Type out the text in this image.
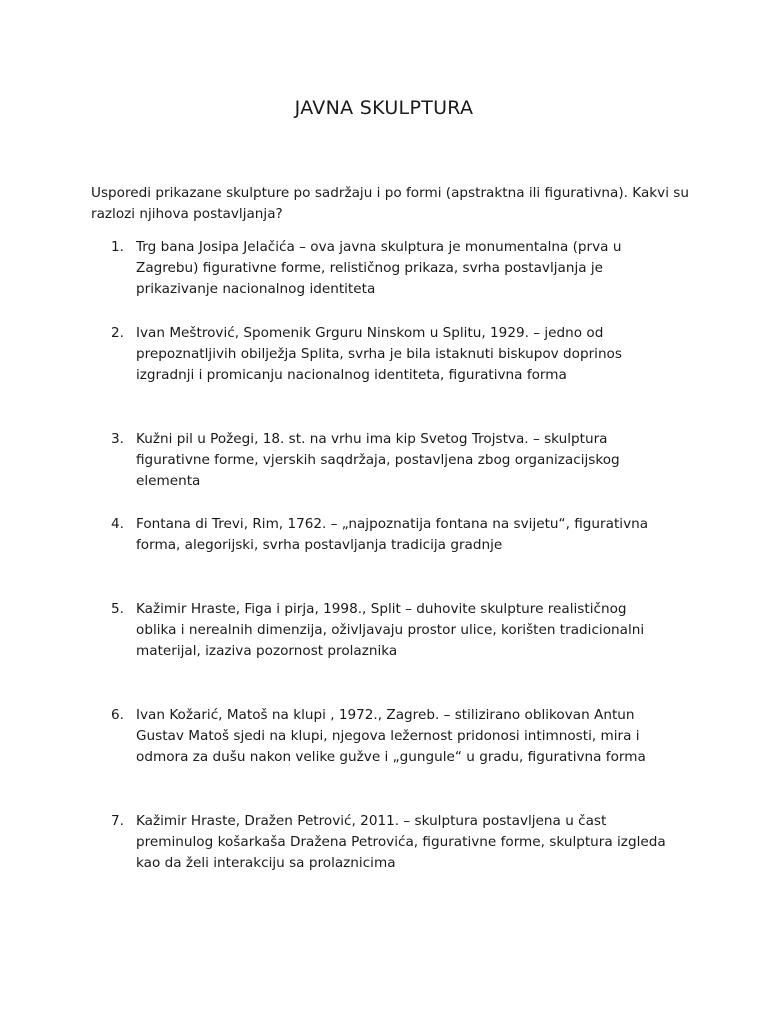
JAVNA SKULPTURA
Usporedi prikazane skulpture po sadržaju i po formi (apstraktna ili figurativna). Kakvi su razlozi njihova postavljanja?
1. Trg bana Josipa Jelačića – ova javna skulptura je monumentalna (prva u Zagrebu) figurativne forme, relističnog prikaza, svrha postavljanja je prikazivanje nacionalnog identiteta
2. Ivan Meštrović, Spomenik Grguru Ninskom u Splitu, 1929. – jedno od prepoznatljivih obilježja Splita, svrha je bila istaknuti biskupov doprinos izgradnji i promicanju nacionalnog identiteta, figurativna forma
3. Kužni pil u Požegi, 18. st. na vrhu ima kip Svetog Trojstva. – skulptura figurativne forme, vjerskih saqdržaja, postavljena zbog organizacijskog elementa
4. Fontana di Trevi, Rim, 1762. – „najpoznatija fontana na svijetu“, figurativna forma, alegorijski, svrha postavljanja tradicija gradnje
5. Kažimir Hraste, Figa i pirja, 1998., Split – duhovite skulpture realističnog oblika i nerealnih dimenzija, oživljavaju prostor ulice, korišten tradicionalni materijal, izaziva pozornost prolaznika
6. Ivan Kožarić, Matoš na klupi , 1972., Zagreb. – stilizirano oblikovan Antun Gustav Matoš sjedi na klupi, njegova ležernost pridonosi intimnosti, mira i odmora za dušu nakon velike gužve i „gungule“ u gradu, figurativna forma
7. Kažimir Hraste, Dražen Petrović, 2011. – skulptura postavljena u čast preminulog košarkaša Dražena Petrovića, figurativne forme, skulptura izgleda kao da želi interakciju sa prolaznicima
